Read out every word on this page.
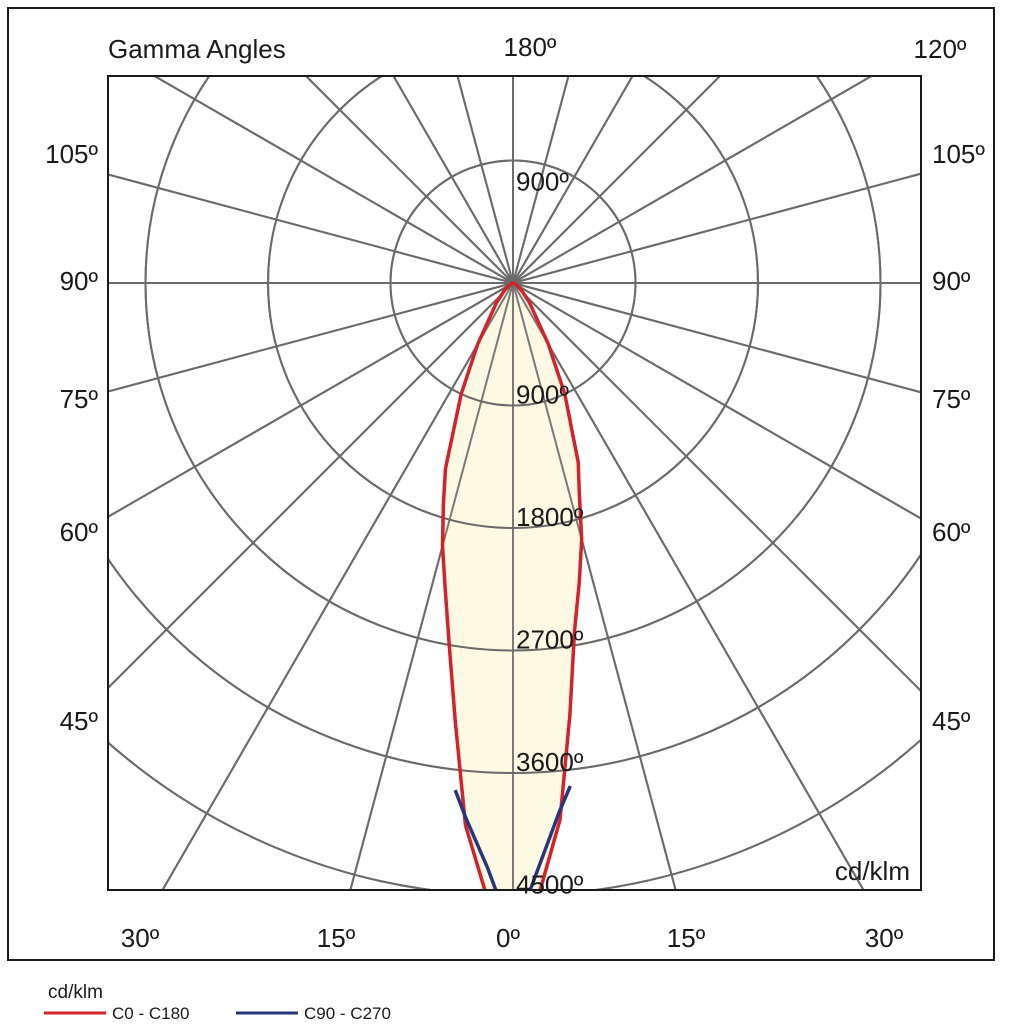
Gamma Angles	180º	120º
cd/klm
105º
90º
75º
60º
45º
105º
90º
75º
60º
45º
30º	15º	0º	15º	30º
900º
900º
1800º
2700º
3600º
4500º
cd/klm
C0 - C180	C90 - C270
